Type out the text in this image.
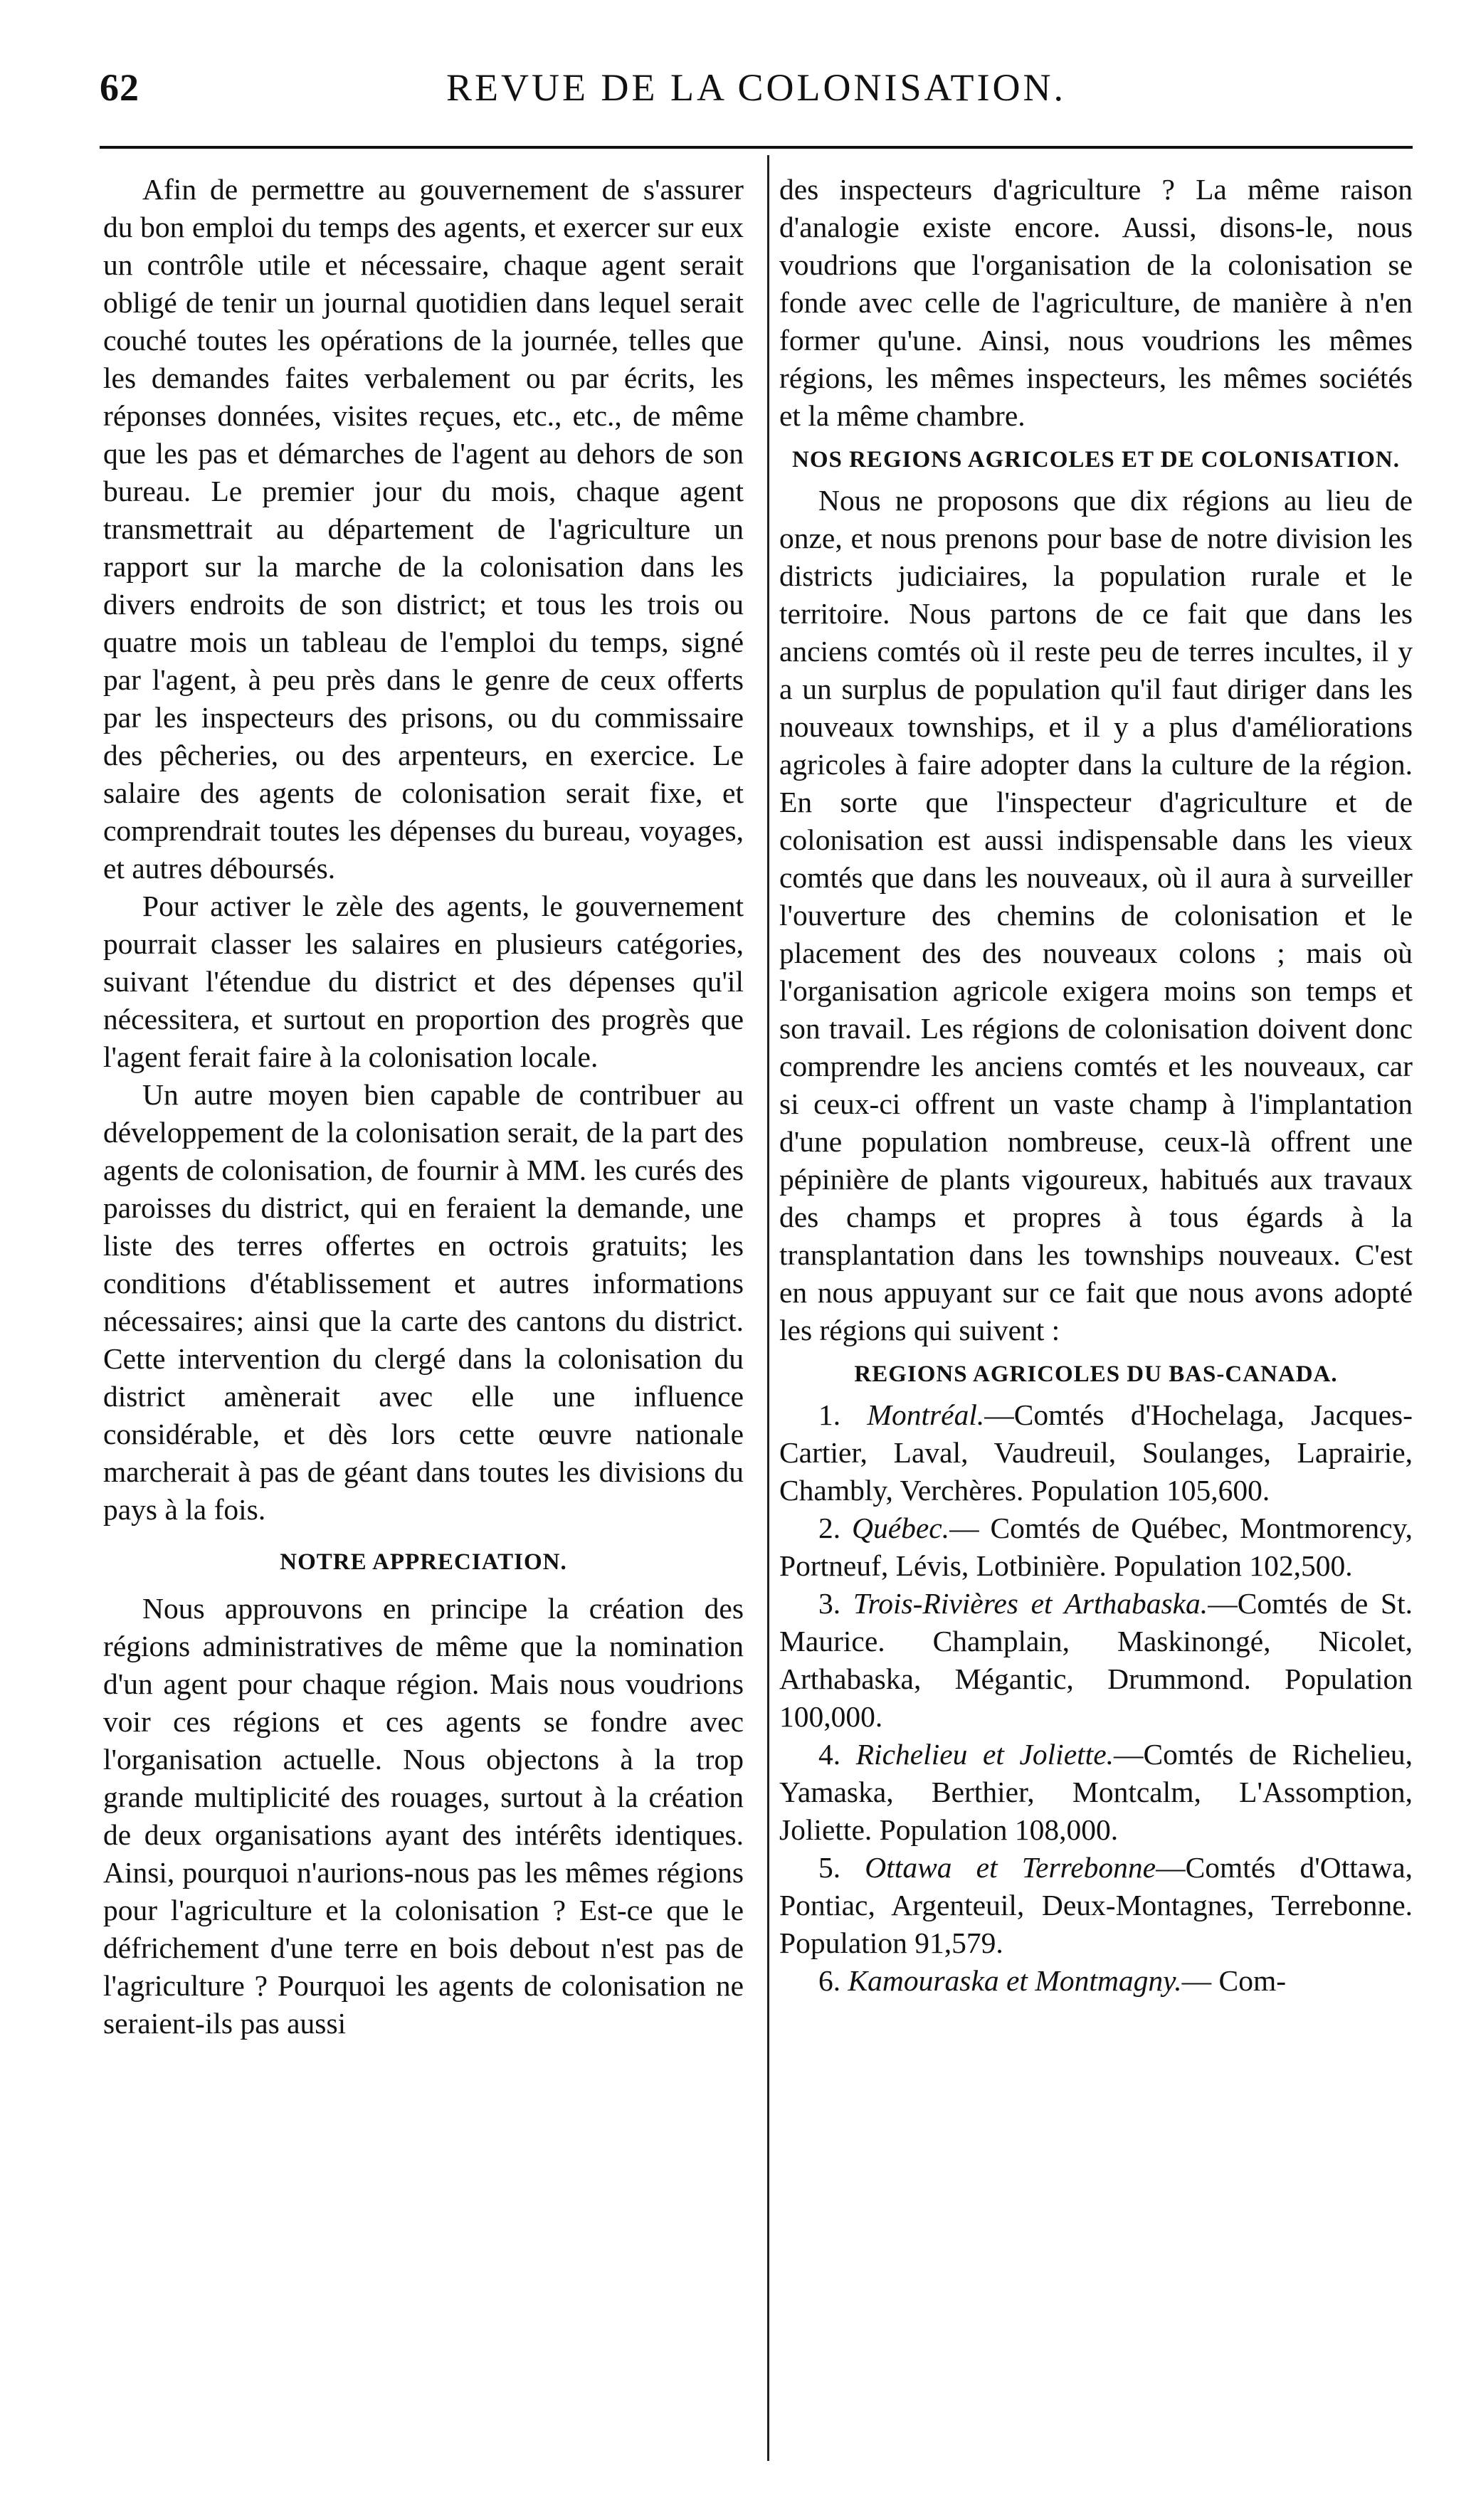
62	REVUE DE LA COLONISATION.

Afin de permettre au gouvernement de s'assurer du bon emploi du temps des agents, et exercer sur eux un contrôle utile et nécessaire, chaque agent serait obligé de tenir un journal quotidien dans lequel serait couché toutes les opérations de la journée, telles que les demandes faites verbalement ou par écrits, les réponses données, visites reçues, etc., etc., de même que les pas et démarches de l'agent au dehors de son bureau. Le premier jour du mois, chaque agent transmettrait au département de l'agriculture un rapport sur la marche de la colonisation dans les divers endroits de son district; et tous les trois ou quatre mois un tableau de l'emploi du temps, signé par l'agent, à peu près dans le genre de ceux offerts par les inspecteurs des prisons, ou du commissaire des pêcheries, ou des arpenteurs, en exercice. Le salaire des agents de colonisation serait fixe, et comprendrait toutes les dépenses du bureau, voyages, et autres déboursés.

Pour activer le zèle des agents, le gouvernement pourrait classer les salaires en plusieurs catégories, suivant l'étendue du district et des dépenses qu'il nécessitera, et surtout en proportion des progrès que l'agent ferait faire à la colonisation locale.

Un autre moyen bien capable de contribuer au développement de la colonisation serait, de la part des agents de colonisation, de fournir à MM. les curés des paroisses du district, qui en feraient la demande, une liste des terres offertes en octrois gratuits; les conditions d'établissement et autres informations nécessaires; ainsi que la carte des cantons du district. Cette intervention du clergé dans la colonisation du district amènerait avec elle une influence considérable, et dès lors cette œuvre nationale marcherait à pas de géant dans toutes les divisions du pays à la fois.

NOTRE APPRECIATION.

Nous approuvons en principe la création des régions administratives de même que la nomination d'un agent pour chaque région. Mais nous voudrions voir ces régions et ces agents se fondre avec l'organisation actuelle. Nous objectons à la trop grande multiplicité des rouages, surtout à la création de deux organisations ayant des intérêts identiques. Ainsi, pourquoi n'aurions-nous pas les mêmes régions pour l'agriculture et la colonisation ? Est-ce que le défrichement d'une terre en bois debout n'est pas de l'agriculture ? Pourquoi les agents de colonisation ne seraient-ils pas aussi

des inspecteurs d'agriculture ? La même raison d'analogie existe encore. Aussi, disons-le, nous voudrions que l'organisation de la colonisation se fonde avec celle de l'agriculture, de manière à n'en former qu'une. Ainsi, nous voudrions les mêmes régions, les mêmes inspecteurs, les mêmes sociétés et la même chambre.

NOS REGIONS AGRICOLES ET DE COLONISATION.

Nous ne proposons que dix régions au lieu de onze, et nous prenons pour base de notre division les districts judiciaires, la population rurale et le territoire. Nous partons de ce fait que dans les anciens comtés où il reste peu de terres incultes, il y a un surplus de population qu'il faut diriger dans les nouveaux townships, et il y a plus d'améliorations agricoles à faire adopter dans la culture de la région. En sorte que l'inspecteur d'agriculture et de colonisation est aussi indispensable dans les vieux comtés que dans les nouveaux, où il aura à surveiller l'ouverture des chemins de colonisation et le placement des des nouveaux colons ; mais où l'organisation agricole exigera moins son temps et son travail. Les régions de colonisation doivent donc comprendre les anciens comtés et les nouveaux, car si ceux-ci offrent un vaste champ à l'implantation d'une population nombreuse, ceux-là offrent une pépinière de plants vigoureux, habitués aux travaux des champs et propres à tous égards à la transplantation dans les townships nouveaux. C'est en nous appuyant sur ce fait que nous avons adopté les régions qui suivent :

REGIONS AGRICOLES DU BAS-CANADA.

1. Montréal.—Comtés d'Hochelaga, Jacques-Cartier, Laval, Vaudreuil, Soulanges, Laprairie, Chambly, Verchères. Population 105,600.

2. Québec.— Comtés de Québec, Montmorency, Portneuf, Lévis, Lotbinière. Population 102,500.

3. Trois-Rivières et Arthabaska.—Comtés de St. Maurice. Champlain, Maskinongé, Nicolet, Arthabaska, Mégantic, Drummond. Population 100,000.

4. Richelieu et Joliette.—Comtés de Richelieu, Yamaska, Berthier, Montcalm, L'Assomption, Joliette. Population 108,000.

5. Ottawa et Terrebonne—Comtés d'Ottawa, Pontiac, Argenteuil, Deux-Montagnes, Terrebonne. Population 91,579.

6. Kamouraska et Montmagny.— Com-
